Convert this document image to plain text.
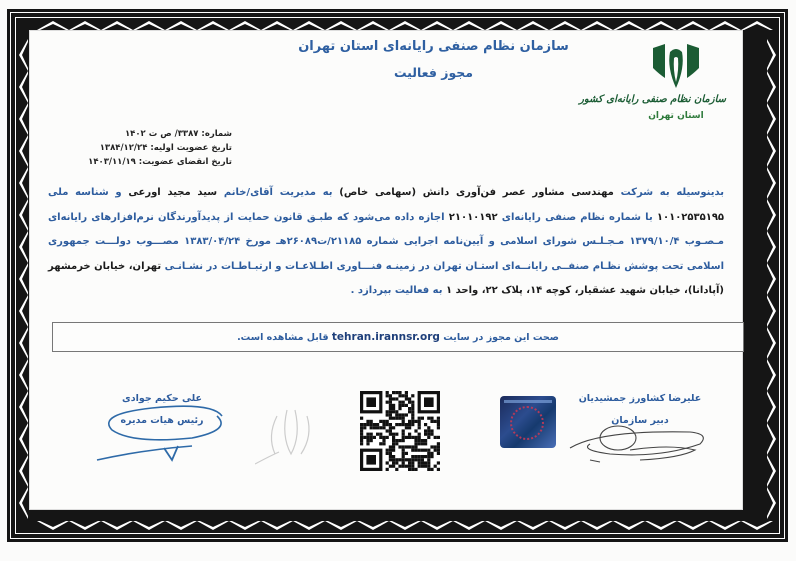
سازمان نظام صنفی رایانه‌ای استان تهران
مجوز فعالیت
سازمان نظام صنفی رایانه‌ای کشور
استان تهران
شماره: ۳۳۸۷/ ص ت ۱۴۰۲
تاریخ عضویت اولیه: ۱۳۸۴/۱۲/۲۴
تاریخ انقضای عضویت: ۱۴۰۳/۱۱/۱۹
بدینوسیله به شرکت مهندسی مشاور عصر فن‌آوری دانش (سهامی خاص) به مدیریت آقای/خانم سید مجید اورعی و شناسه ملی ۱۰۱۰۲۵۳۵۱۹۵ با شماره نظام صنفی رایانه‌ای ۲۱۰۱۰۱۹۲ اجازه داده می‌شود که طبـق قانون حمایت از پدیدآورندگان نرم‌افزارهای رایانه‌ای مـصـوب ۱۳۷۹/۱۰/۴ مـجـلـس شورای اسلامی و آیین‌نامه اجرایی شماره ۲۱۱۸۵/ت۲۶۰۸۹هـ مورخ ۱۳۸۳/۰۴/۲۴ مصـــوب دولـــت جمهوری اسلامی تحت پوشش نظـام صنفــی رایانــه‌ای استـان تهران در زمینـه فنـــاوری اطـلاعـات و ارتبـاطـات در نشـانـی تهران، خیابان خرمشهر (آپادانا)، خیابان شهید عشقیار، کوچه ۱۴، پلاک ۲۲، واحد ۱ به فعالیت بپردازد .
صحت این مجوز در سایت tehran.irannsr.org قابل مشاهده است.
علی حکیم جوادی
رئیس هیات مدیره
علیرضا کشاورز جمشیدیان
دبیر سازمان
